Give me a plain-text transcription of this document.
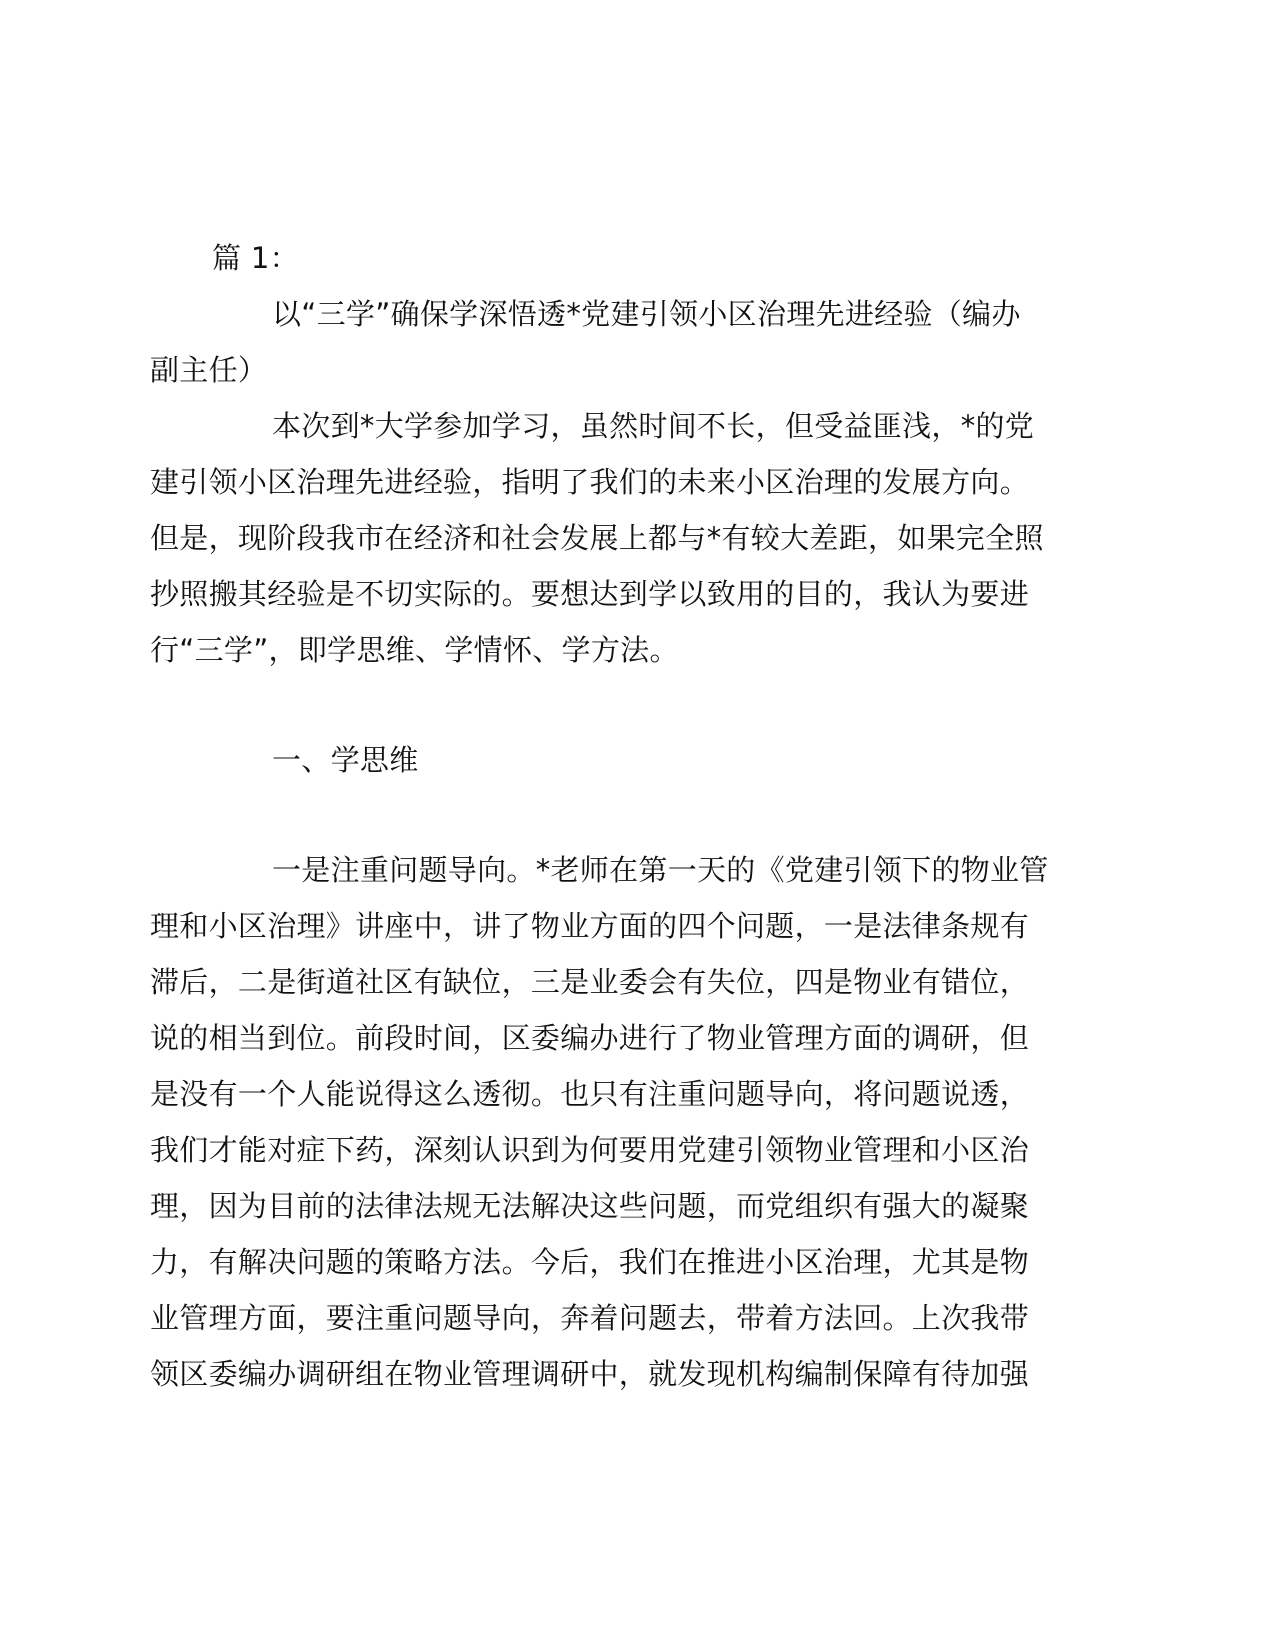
篇 1：
以“三学”确保学深悟透*党建引领小区治理先进经验（编办
副主任）
本次到*大学参加学习，虽然时间不长，但受益匪浅，*的党
建引领小区治理先进经验，指明了我们的未来小区治理的发展方向。
但是，现阶段我市在经济和社会发展上都与*有较大差距，如果完全照
抄照搬其经验是不切实际的。要想达到学以致用的目的，我认为要进
行“三学”，即学思维、学情怀、学方法。
一、学思维
一是注重问题导向。*老师在第一天的《党建引领下的物业管
理和小区治理》讲座中，讲了物业方面的四个问题，一是法律条规有
滞后，二是街道社区有缺位，三是业委会有失位，四是物业有错位，
说的相当到位。前段时间，区委编办进行了物业管理方面的调研，但
是没有一个人能说得这么透彻。也只有注重问题导向，将问题说透，
我们才能对症下药，深刻认识到为何要用党建引领物业管理和小区治
理，因为目前的法律法规无法解决这些问题，而党组织有强大的凝聚
力，有解决问题的策略方法。今后，我们在推进小区治理，尤其是物
业管理方面，要注重问题导向，奔着问题去，带着方法回。上次我带
领区委编办调研组在物业管理调研中，就发现机构编制保障有待加强
